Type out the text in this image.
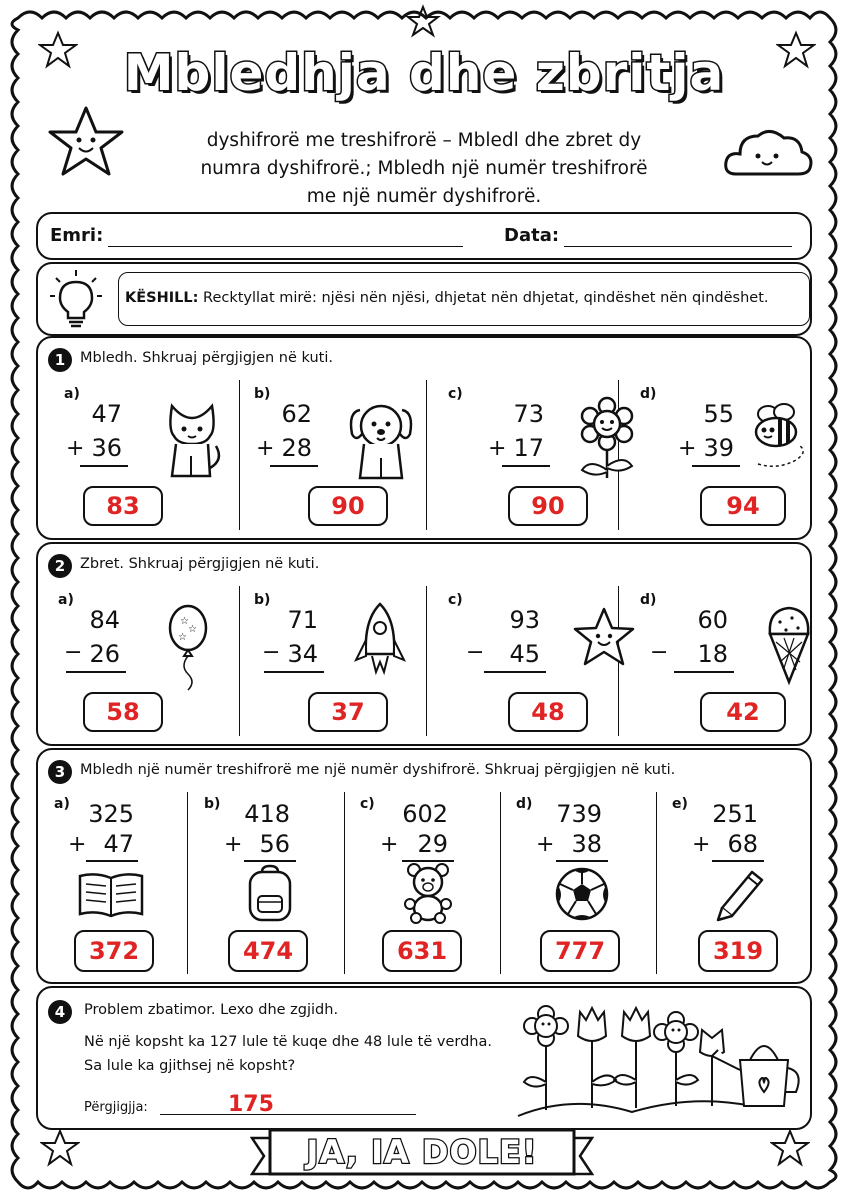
Mbledhja dhe zbritja
dyshifrorë me treshifrorë – Mbledl dhe zbret dy numra dyshifrorë.; Mbledh një numër treshifrorë me një numër dyshifrorë.
Emri:	Data:
KËSHILL: Recktyllat mirë: njësi nën njësi, dhjetat nën dhjetat, qindëshet nën qindëshet.
1	Mbledh. Shkruaj përgjigjen në kuti.
a)
47
+ 36
83
b)
62
+ 28
90
c)
73
+ 17
90
d)
55
+ 39
94
2	Zbret. Shkruaj përgjigjen në kuti.
a)
84
− 26
☆
☆
☆
58
b)
71
− 34
37
c)
93
−	45
48
d)
60
−	18
42
3	Mbledh një numër treshifrorë me një numër dyshifrorë. Shkruaj përgjigjen në kuti.
a) 325
+ 47
372
b) 418
+ 56
474
c)	602
+ 29
631
d) 739
+ 38
777
e)	251
+ 68
319
4	Problem zbatimor. Lexo dhe zgjidh.
Në një kopsht ka 127 lule të kuqe dhe 48 lule të verdha.
Sa lule ka gjithsej në kopsht?
Përgjigjja:	175
JA, IA DOLE!
